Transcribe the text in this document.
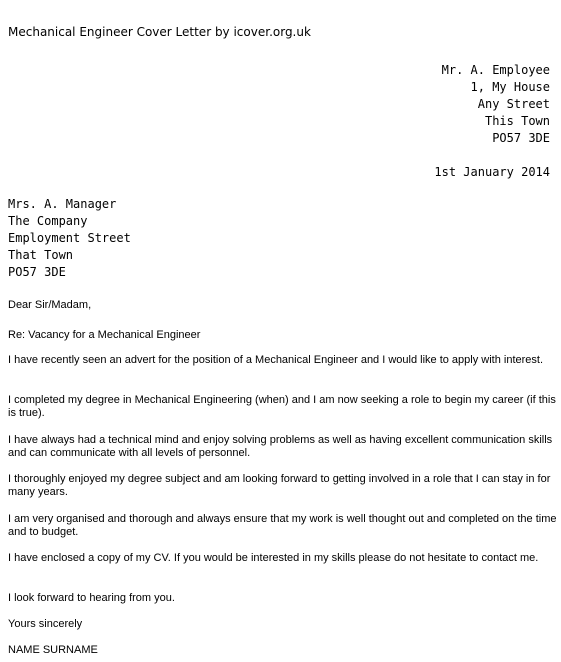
Mechanical Engineer Cover Letter by icover.org.uk
Mr. A. Employee
1, My House
Any Street
This Town
PO57 3DE
1st January 2014
Mrs. A. Manager
The Company
Employment Street
That Town
PO57 3DE

Dear Sir/Madam,

Re: Vacancy for a Mechanical Engineer

I have recently seen an advert for the position of a Mechanical Engineer and I would like to apply with interest.

I completed my degree in Mechanical Engineering (when) and I am now seeking a role to begin my career (if this is true).

I have always had a technical mind and enjoy solving problems as well as having excellent communication skills and can communicate with all levels of personnel.

I thoroughly enjoyed my degree subject and am looking forward to getting involved in a role that I can stay in for many years.

I am very organised and thorough and always ensure that my work is well thought out and completed on the time and to budget.

I have enclosed a copy of my CV. If you would be interested in my skills please do not hesitate to contact me.

I look forward to hearing from you.

Yours sincerely

NAME SURNAME
